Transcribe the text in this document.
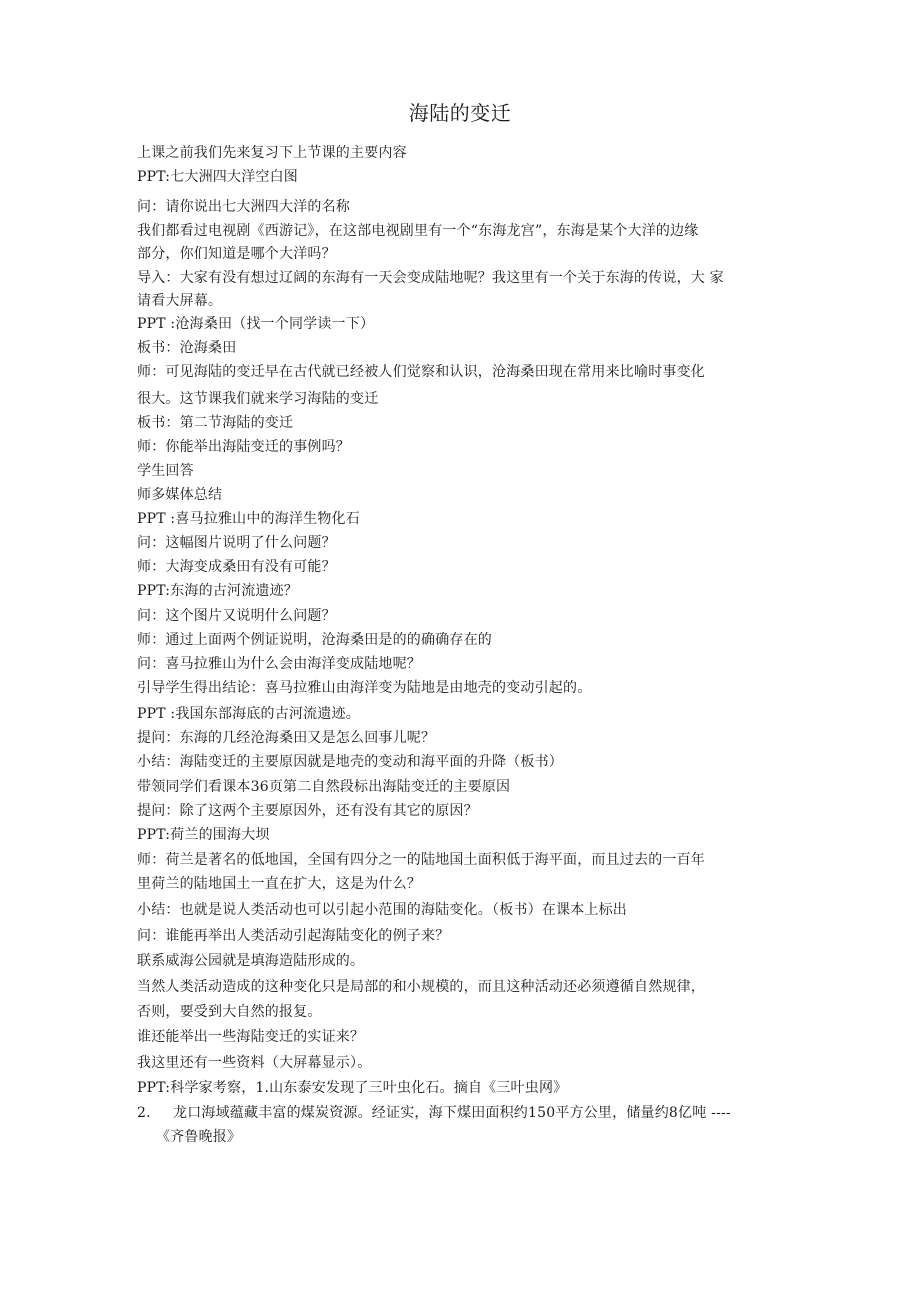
海陆的变迁
上课之前我们先来复习下上节课的主要内容
PPT:七大洲四大洋空白图
问：请你说出七大洲四大洋的名称
我们都看过电视剧《西游记》，在这部电视剧里有一个“东海龙宫”，东海是某个大洋的边缘
部分，你们知道是哪个大洋吗？
导入：大家有没有想过辽阔的东海有一天会变成陆地呢？我这里有一个关于东海的传说，大 家
请看大屏幕。
PPT :沧海桑田（找一个同学读一下）
板书：沧海桑田
师：可见海陆的变迁早在古代就已经被人们觉察和认识，沧海桑田现在常用来比喻时事变化
很大。这节课我们就来学习海陆的变迁
板书：第二节海陆的变迁
师：你能举出海陆变迁的事例吗？
学生回答
师多媒体总结
PPT :喜马拉雅山中的海洋生物化石
问：这幅图片说明了什么问题？
师：大海变成桑田有没有可能？
PPT:东海的古河流遗迹？
问：这个图片又说明什么问题？
师：通过上面两个例证说明，沧海桑田是的的确确存在的
问：喜马拉雅山为什么会由海洋变成陆地呢？
引导学生得出结论：喜马拉雅山由海洋变为陆地是由地壳的变动引起的。
PPT :我国东部海底的古河流遗迹。
提问：东海的几经沧海桑田又是怎么回事儿呢？
小结：海陆变迁的主要原因就是地壳的变动和海平面的升降（板书）
带领同学们看课本36页第二自然段标出海陆变迁的主要原因
提问：除了这两个主要原因外，还有没有其它的原因？
PPT:荷兰的围海大坝
师：荷兰是著名的低地国，全国有四分之一的陆地国土面积低于海平面，而且过去的一百年
里荷兰的陆地国土一直在扩大，这是为什么？
小结：也就是说人类活动也可以引起小范围的海陆变化。（板书）在课本上标出
问：谁能再举出人类活动引起海陆变化的例子来？
联系威海公园就是填海造陆形成的。
当然人类活动造成的这种变化只是局部的和小规模的，而且这种活动还必须遵循自然规律，
否则，要受到大自然的报复。
谁还能举出一些海陆变迁的实证来？
我这里还有一些资料（大屏幕显示）。
PPT:科学家考察，1.山东泰安发现了三叶虫化石。摘自《三叶虫网》
2. 龙口海域蕴藏丰富的煤炭资源。经证实，海下煤田面积约150平方公里，储量约8亿吨 ----
《齐鲁晚报》
